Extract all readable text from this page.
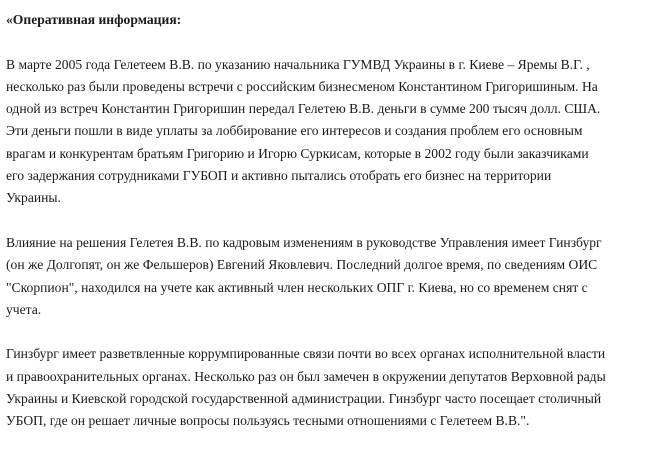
«Оперативная информация:
В марте 2005 года Гелетеем В.В. по указанию начальника ГУМВД Украины в г. Киеве – Яремы В.Г. ,
несколько раз были проведены встречи с российским бизнесменом Константином Григоришиным. На
одной из встреч Константин Григоришин передал Гелетею В.В. деньги в сумме 200 тысяч долл. США.
Эти деньги пошли в виде уплаты за лоббирование его интересов и создания проблем его основным
врагам и конкурентам братьям Григорию и Игорю Суркисам, которые в 2002 году были заказчиками
его задержания сотрудниками ГУБОП и активно пытались отобрать его бизнес на территории
Украины.
Влияние на решения Гелетея В.В. по кадровым изменениям в руководстве Управления имеет Гинзбург
(он же Долгопят, он же Фельшеров) Евгений Яковлевич. Последний долгое время, по сведениям ОИС
"Скорпион", находился на учете как активный член нескольких ОПГ г. Киева, но со временем снят с
учета.
Гинзбург имеет разветвленные коррумпированные связи почти во всех органах исполнительной власти
и правоохранительных органах. Несколько раз он был замечен в окружении депутатов Верховной рады
Украины и Киевской городской государственной администрации. Гинзбург часто посещает столичный
УБОП, где он решает личные вопросы пользуясь тесными отношениями с Гелетеем В.В.".
